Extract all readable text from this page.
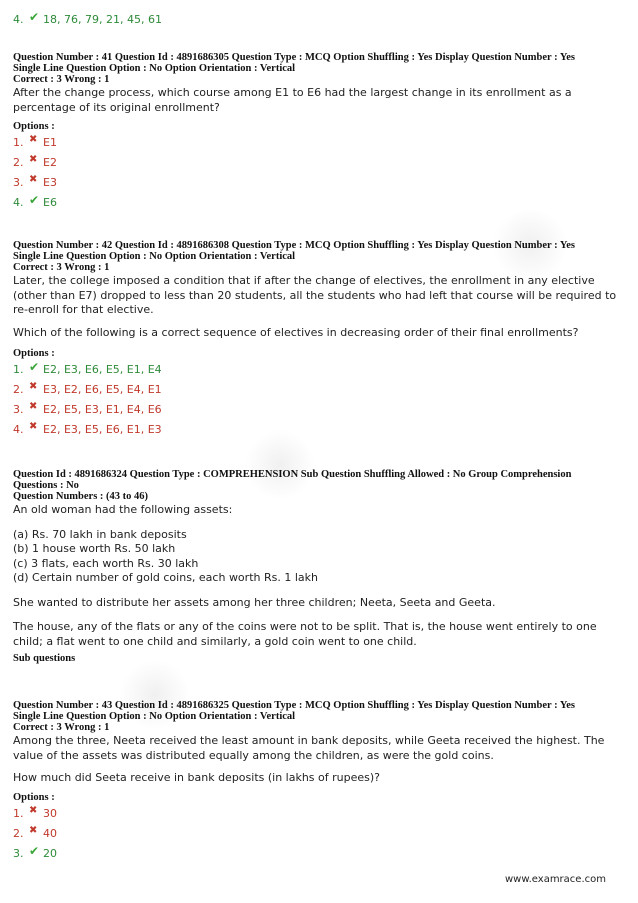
4. ✔ 18, 76, 79, 21, 45, 61
Question Number : 41 Question Id : 4891686305 Question Type : MCQ Option Shuffling : Yes Display Question Number : Yes
Single Line Question Option : No Option Orientation : Vertical
Correct : 3 Wrong : 1
After the change process, which course among E1 to E6 had the largest change in its enrollment as a percentage of its original enrollment?
Options :
1. ✖ E1
2. ✖ E2
3. ✖ E3
4. ✔ E6
Question Number : 42 Question Id : 4891686308 Question Type : MCQ Option Shuffling : Yes Display Question Number : Yes
Single Line Question Option : No Option Orientation : Vertical
Correct : 3 Wrong : 1
Later, the college imposed a condition that if after the change of electives, the enrollment in any elective (other than E7) dropped to less than 20 students, all the students who had left that course will be required to re-enroll for that elective.
Which of the following is a correct sequence of electives in decreasing order of their final enrollments?
Options :
1. ✔ E2, E3, E6, E5, E1, E4
2. ✖ E3, E2, E6, E5, E4, E1
3. ✖ E2, E5, E3, E1, E4, E6
4. ✖ E2, E3, E5, E6, E1, E3
Question Id : 4891686324 Question Type : COMPREHENSION Sub Question Shuffling Allowed : No Group Comprehension
Questions : No
Question Numbers : (43 to 46)
An old woman had the following assets:
(a) Rs. 70 lakh in bank deposits
(b) 1 house worth Rs. 50 lakh
(c) 3 flats, each worth Rs. 30 lakh
(d) Certain number of gold coins, each worth Rs. 1 lakh
She wanted to distribute her assets among her three children; Neeta, Seeta and Geeta.
The house, any of the flats or any of the coins were not to be split. That is, the house went entirely to one child; a flat went to one child and similarly, a gold coin went to one child.
Sub questions
Question Number : 43 Question Id : 4891686325 Question Type : MCQ Option Shuffling : Yes Display Question Number : Yes
Single Line Question Option : No Option Orientation : Vertical
Correct : 3 Wrong : 1
Among the three, Neeta received the least amount in bank deposits, while Geeta received the highest. The value of the assets was distributed equally among the children, as were the gold coins.
How much did Seeta receive in bank deposits (in lakhs of rupees)?
Options :
1. ✖ 30
2. ✖ 40
3. ✔ 20
www.examrace.com
